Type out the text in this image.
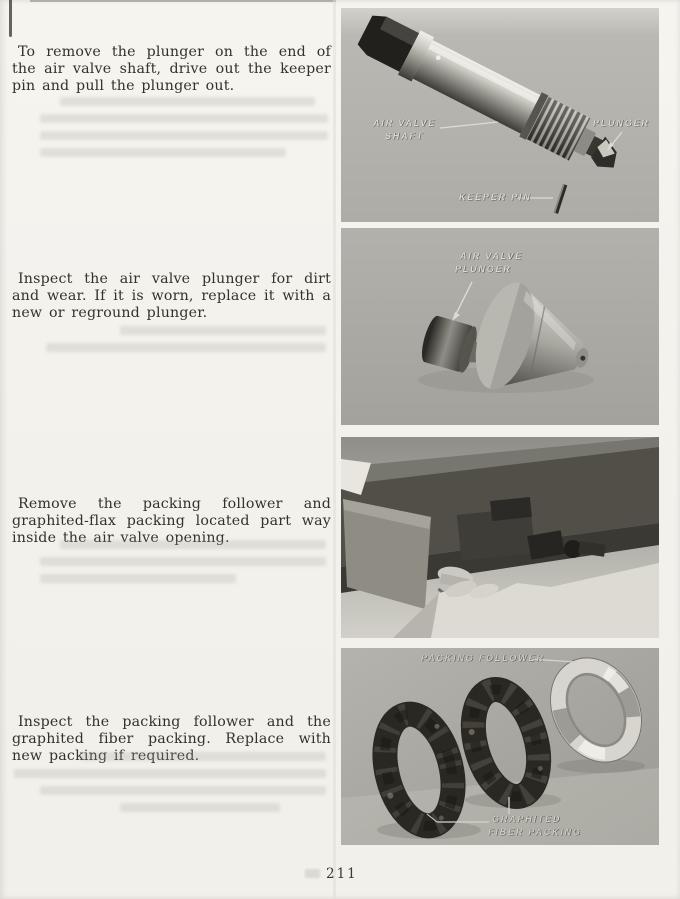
To remove the plunger on the end of the air valve shaft, drive out the keeper pin and pull the plunger out.

Inspect the air valve plunger for dirt and wear. If it is worn, replace it with a new or reground plunger.

Remove the packing follower and graphited-flax packing located part way inside the air valve opening.

Inspect the packing follower and the graphited fiber packing. Replace with new packing if required.

AIR VALVE
SHAFT
PLUNGER
KEEPER PIN
AIR VALVE
PLUNGER
PACKING FOLLOWER
GRAPHITED
FIBER PACKING
211
